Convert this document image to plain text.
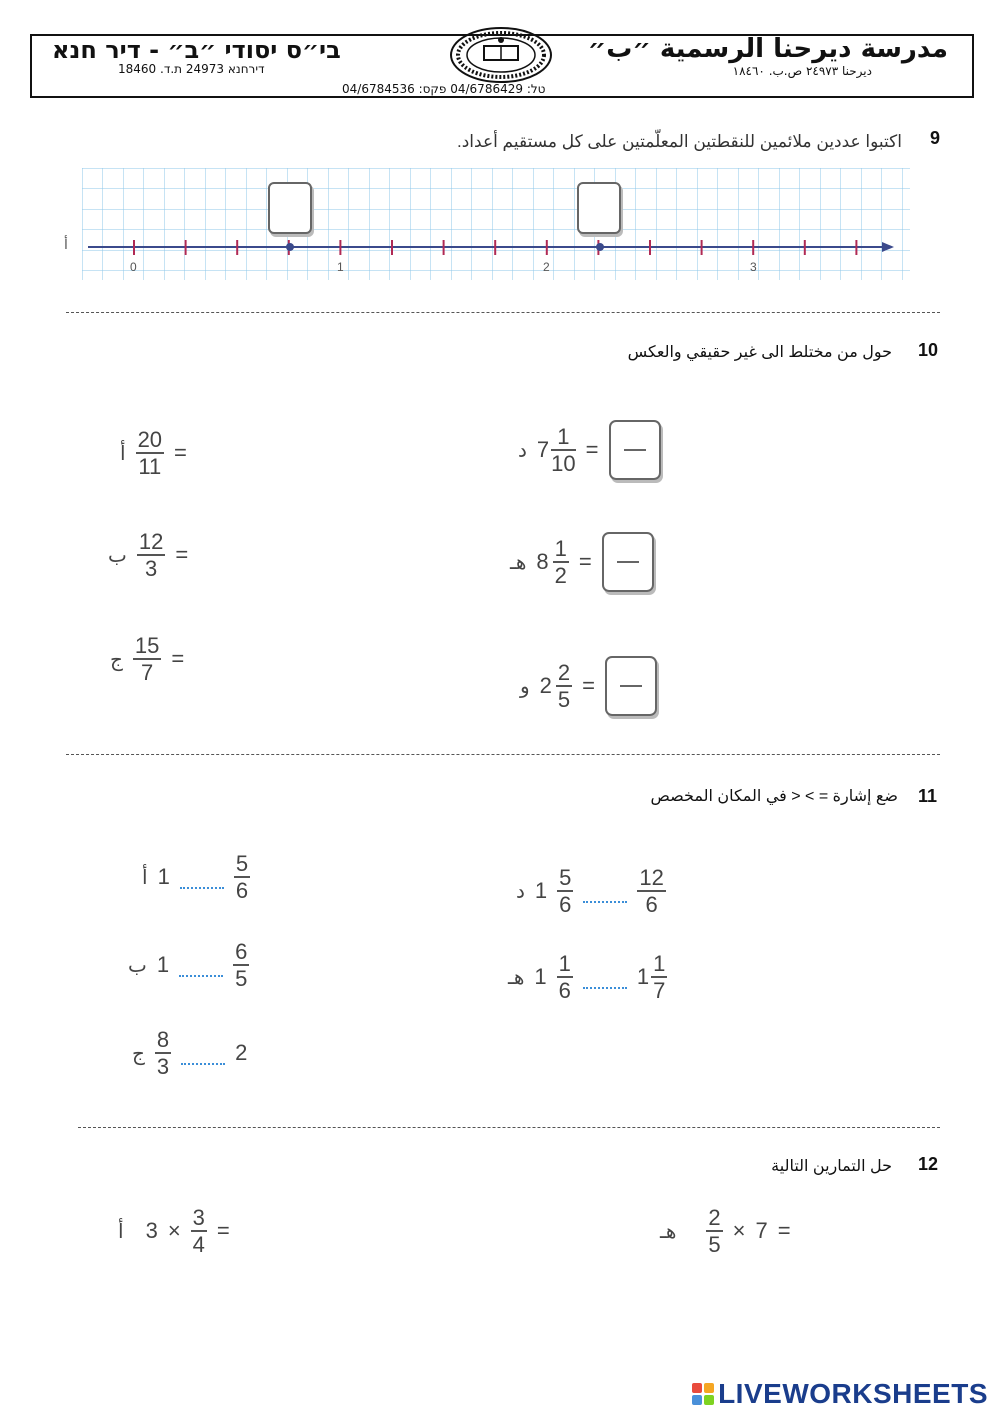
בי״ס יסודי ״ב״ - דיר חנא
דירחנא 24973 ת.ד. 18460
مدرسة ديرحنا الرسمية ״ب״
ديرحنا ٢٤٩٧٣ ص.ب. ١٨٤٦٠
טל: 04/6786429 פקס: 04/6784536
9
اكتبوا عددين ملائمين للنقطتين المعلّمتين على كل مستقيم أعداد.
أ
0	1	2	3
10
حول من مختلط الى غير حقيقي والعكس
أ $\frac{20}{11}$ =
ب $\frac{12}{3}$ =
ج $\frac{15}{7}$ =
د $7 \frac{1}{10}$ =
هـ $8 \frac{1}{2}$ =
و $2 \frac{2}{5}$ =
11
ضع إشارة = > < في المكان المخصص
أ 1	$\frac{5}{6}$
ب 1	$\frac{6}{5}$
ج $\frac{8}{3}$	2
د $1 \frac{5}{6}$	$\frac{12}{6}$
هـ $1 \frac{1}{6}$	$1 \frac{1}{7}$
12
حل التمارين التالية
أ $3 \times \frac{3}{4}$ =	هـ $\frac{2}{5} \times 7$ =
LIVEWORKSHEETS
